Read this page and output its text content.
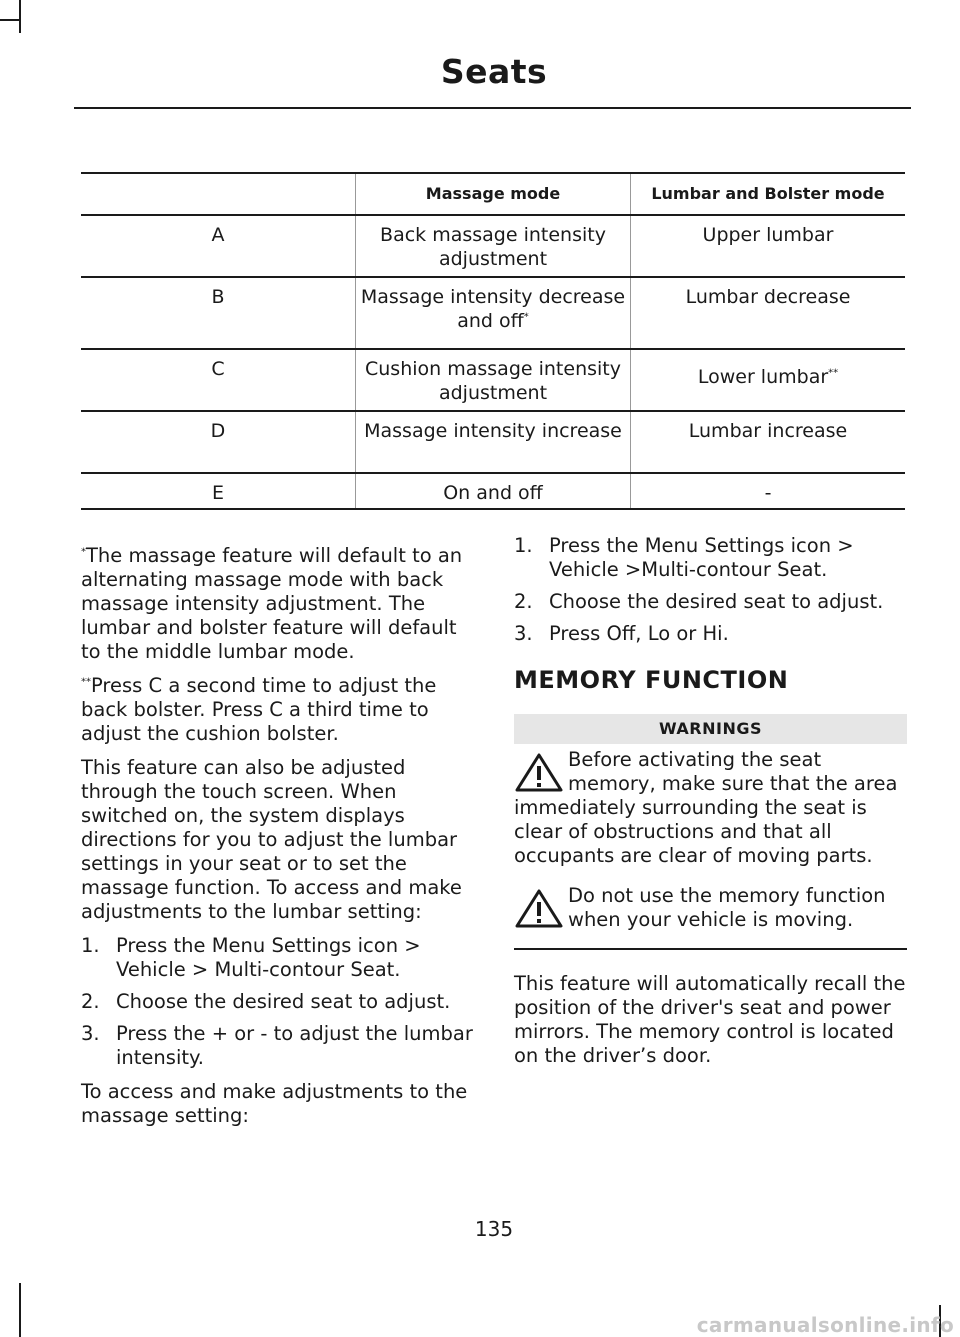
Seats
	Massage mode	Lumbar and Bolster mode
A	Back massage intensity adjustment	Upper lumbar
B	Massage intensity decrease and off*	Lumbar decrease
C	Cushion massage intensity adjustment	Lower lumbar**
D	Massage intensity increase	Lumbar increase
E	On and off	-

*The massage feature will default to an alternating massage mode with back massage intensity adjustment. The lumbar and bolster feature will default to the middle lumbar mode.

**Press C a second time to adjust the back bolster. Press C a third time to adjust the cushion bolster.

This feature can also be adjusted through the touch screen. When switched on, the system displays directions for you to adjust the lumbar settings in your seat or to set the massage function. To access and make adjustments to the lumbar setting:

1. Press the Menu Settings icon > Vehicle > Multi-contour Seat.
2. Choose the desired seat to adjust.
3. Press the + or - to adjust the lumbar intensity.

To access and make adjustments to the massage setting:

1. Press the Menu Settings icon > Vehicle >Multi-contour Seat.
2. Choose the desired seat to adjust.
3. Press Off, Lo or Hi.
MEMORY FUNCTION
WARNINGS
Before activating the seat memory, make sure that the area immediately surrounding the seat is clear of obstructions and that all occupants are clear of moving parts.
Do not use the memory function when your vehicle is moving.

This feature will automatically recall the position of the driver's seat and power mirrors. The memory control is located on the driver’s door.

135
carmanualsonline.info
